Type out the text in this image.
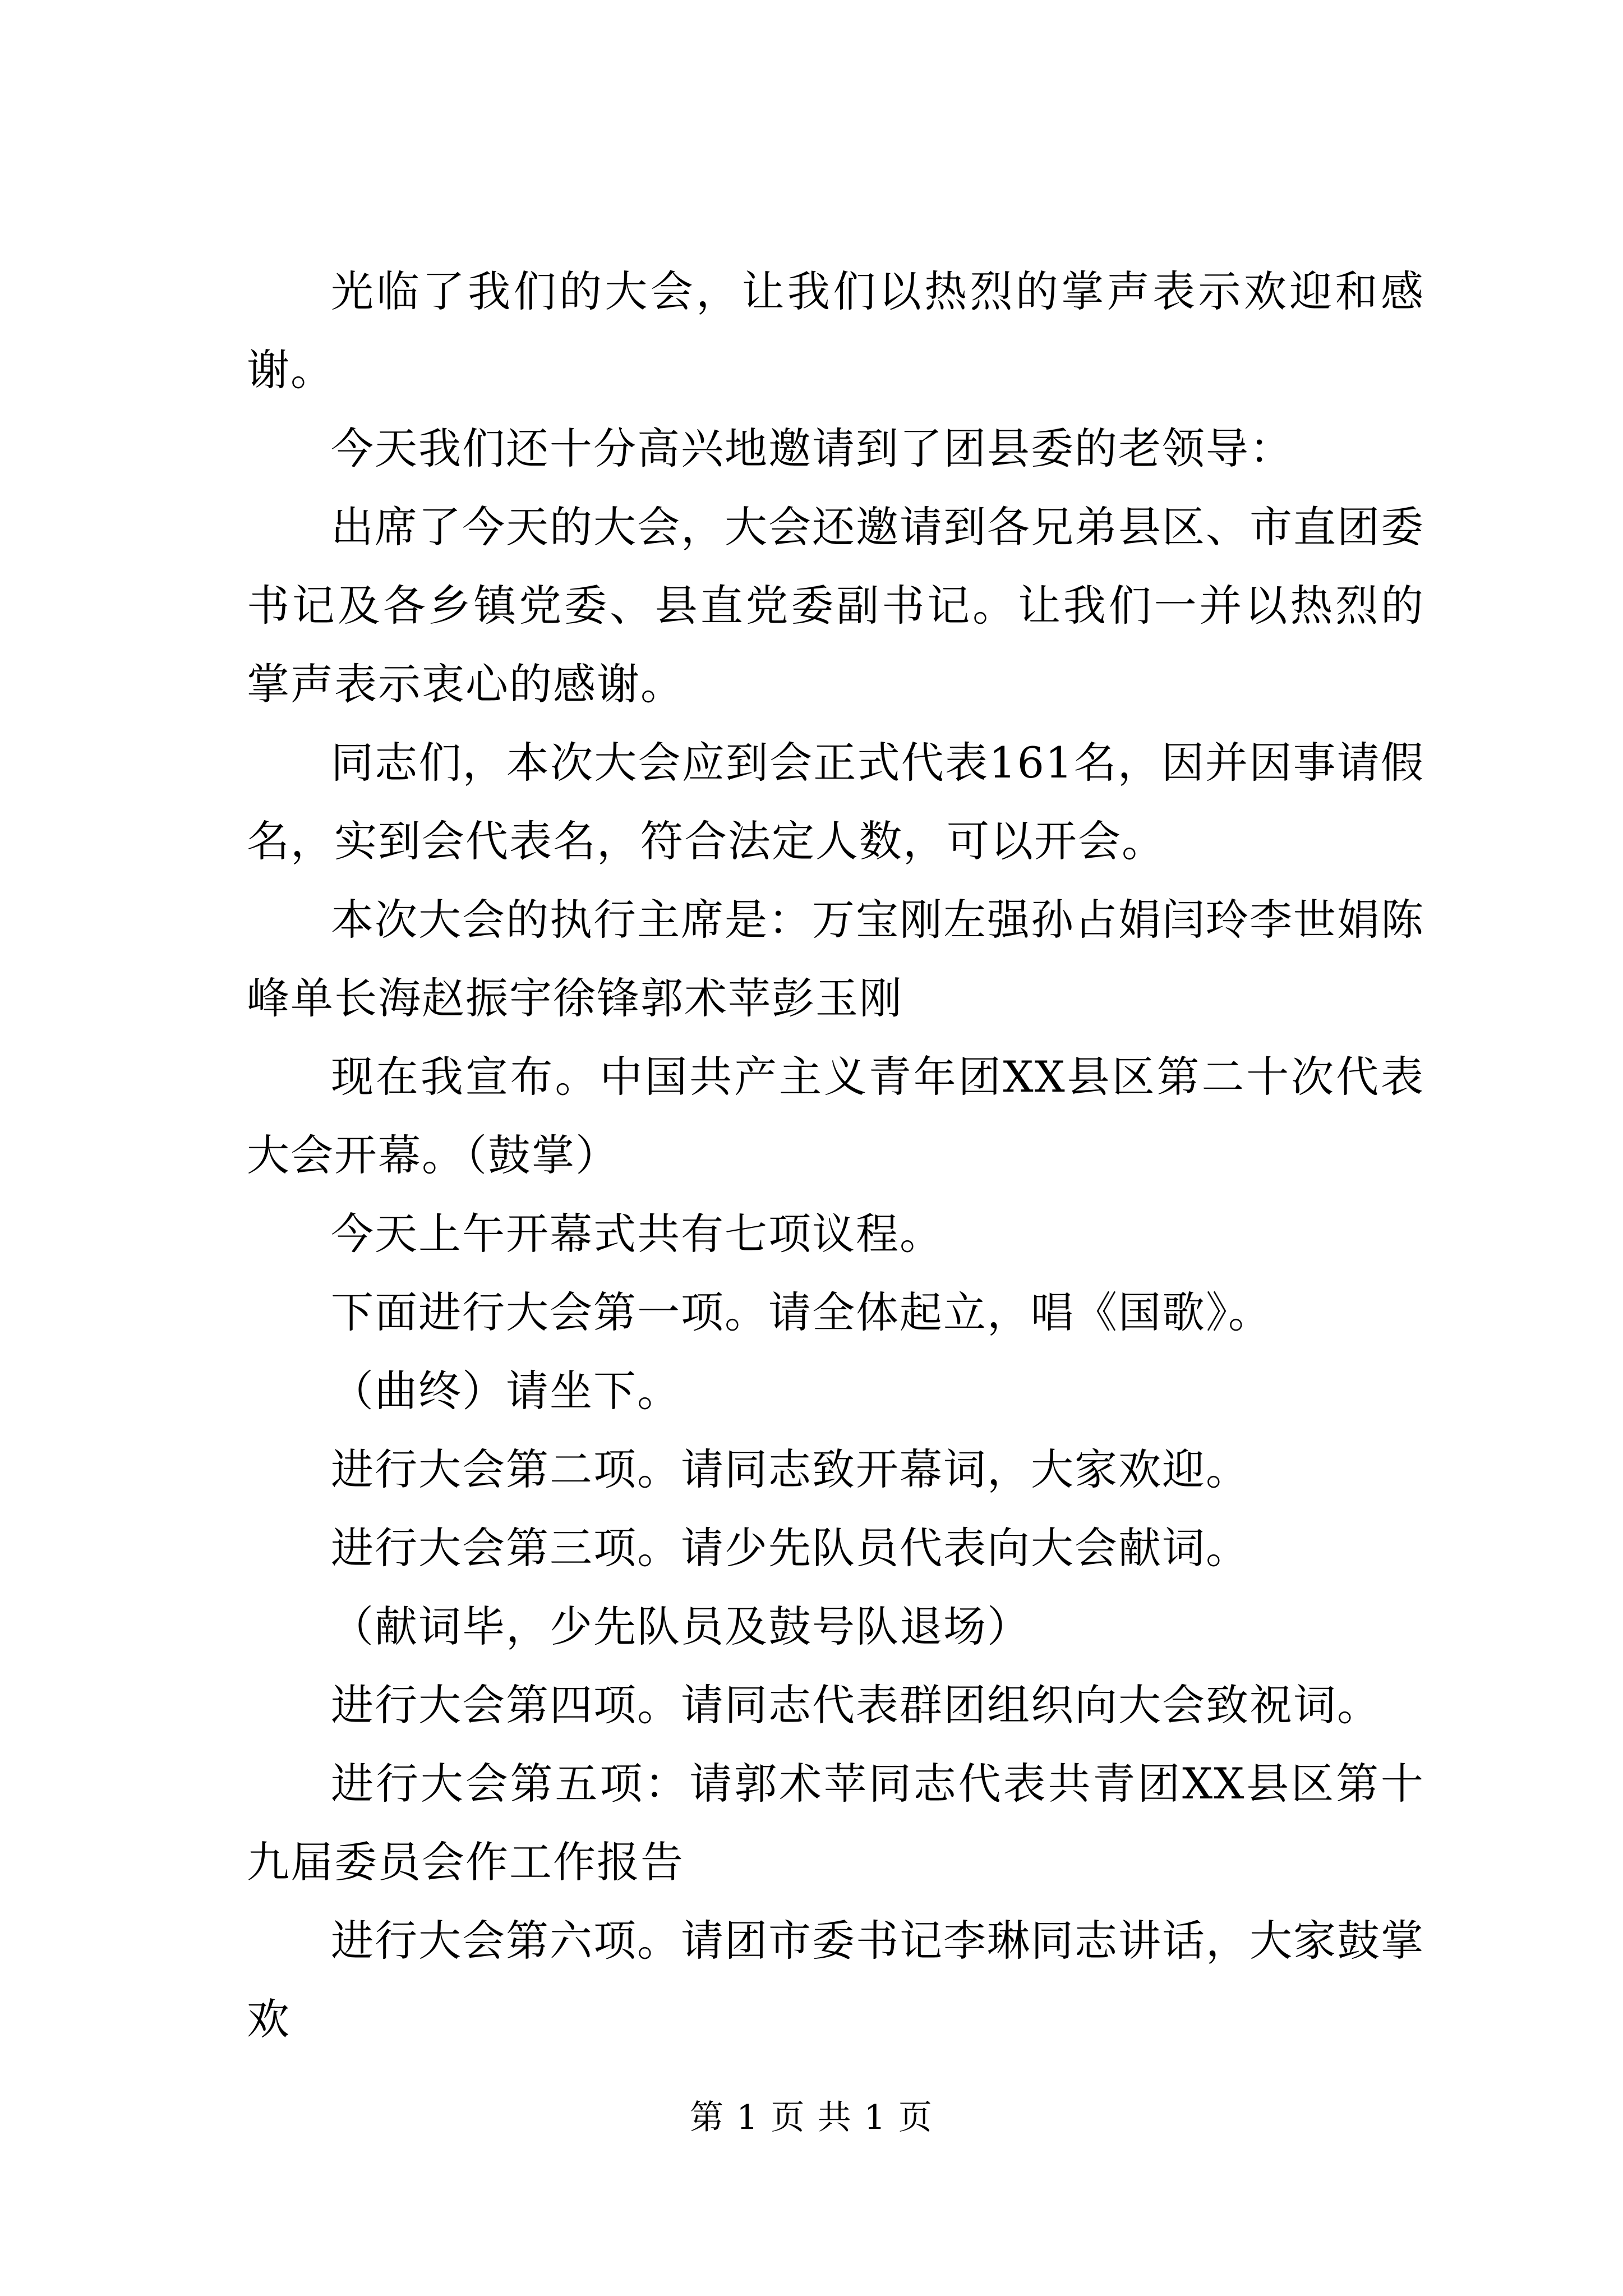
光临了我们的大会，让我们以热烈的掌声表示欢迎和感谢。

今天我们还十分高兴地邀请到了团县委的老领导：

出席了今天的大会，大会还邀请到各兄弟县区、市直团委书记及各乡镇党委、县直党委副书记。让我们一并以热烈的掌声表示衷心的感谢。

同志们，本次大会应到会正式代表161名，因并因事请假名，实到会代表名，符合法定人数，可以开会。

本次大会的执行主席是：万宝刚左强孙占娟闫玲李世娟陈峰单长海赵振宇徐锋郭术苹彭玉刚

现在我宣布。中国共产主义青年团XX县区第二十次代表大会开幕。（鼓掌）

今天上午开幕式共有七项议程。

下面进行大会第一项。请全体起立，唱《国歌》。

（曲终）请坐下。

进行大会第二项。请同志致开幕词，大家欢迎。

进行大会第三项。请少先队员代表向大会献词。

（献词毕，少先队员及鼓号队退场）

进行大会第四项。请同志代表群团组织向大会致祝词。

进行大会第五项：请郭术苹同志代表共青团XX县区第十九届委员会作工作报告

进行大会第六项。请团市委书记李琳同志讲话，大家鼓掌欢

第 1 页 共 1 页
